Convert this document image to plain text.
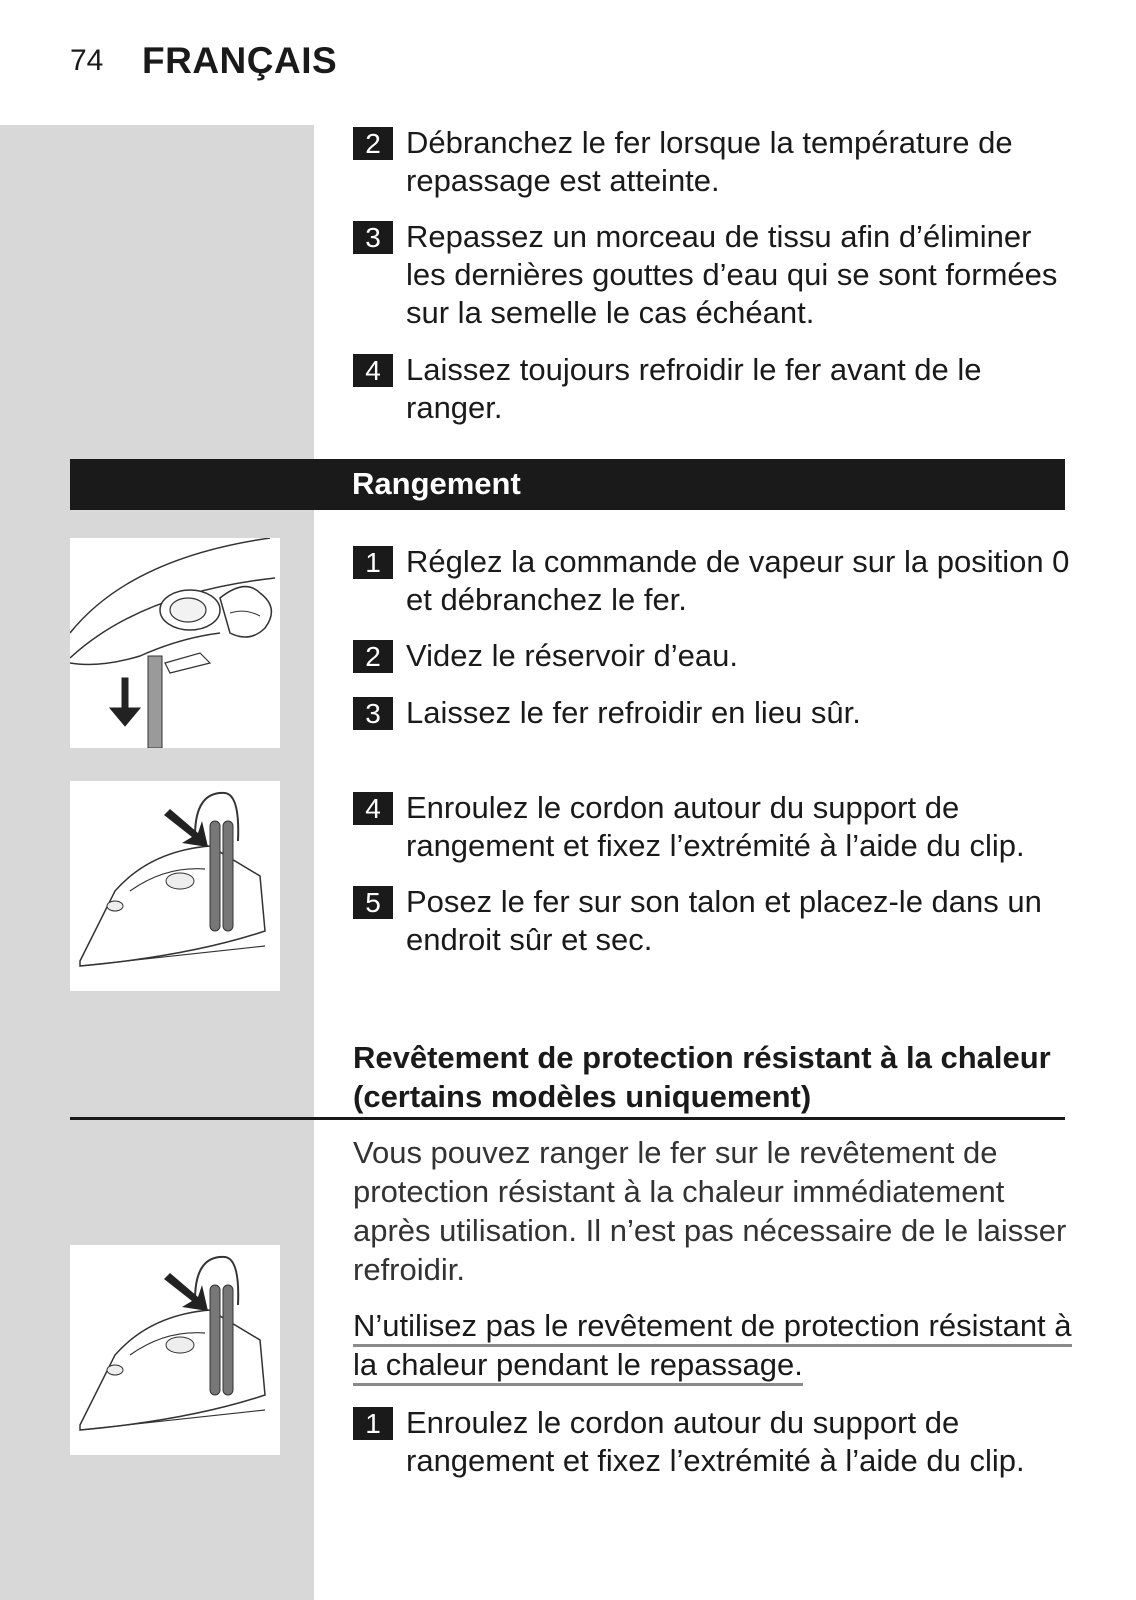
74 FRANÇAIS
2 Débranchez le fer lorsque la température de repassage est atteinte.
3 Repassez un morceau de tissu afin d’éliminer les dernières gouttes d’eau qui se sont formées sur la semelle le cas échéant.
4 Laissez toujours refroidir le fer avant de le ranger.
Rangement
1 Réglez la commande de vapeur sur la position 0 et débranchez le fer.
2 Videz le réservoir d’eau.
3 Laissez le fer refroidir en lieu sûr.
4 Enroulez le cordon autour du support de rangement et fixez l’extrémité à l’aide du clip.
5 Posez le fer sur son talon et placez-le dans un endroit sûr et sec.
Revêtement de protection résistant à la chaleur (certains modèles uniquement)
Vous pouvez ranger le fer sur le revêtement de protection résistant à la chaleur immédiatement après utilisation. Il n’est pas nécessaire de le laisser refroidir.
N’utilisez pas le revêtement de protection résistant à la chaleur pendant le repassage.
1 Enroulez le cordon autour du support de rangement et fixez l’extrémité à l’aide du clip.
